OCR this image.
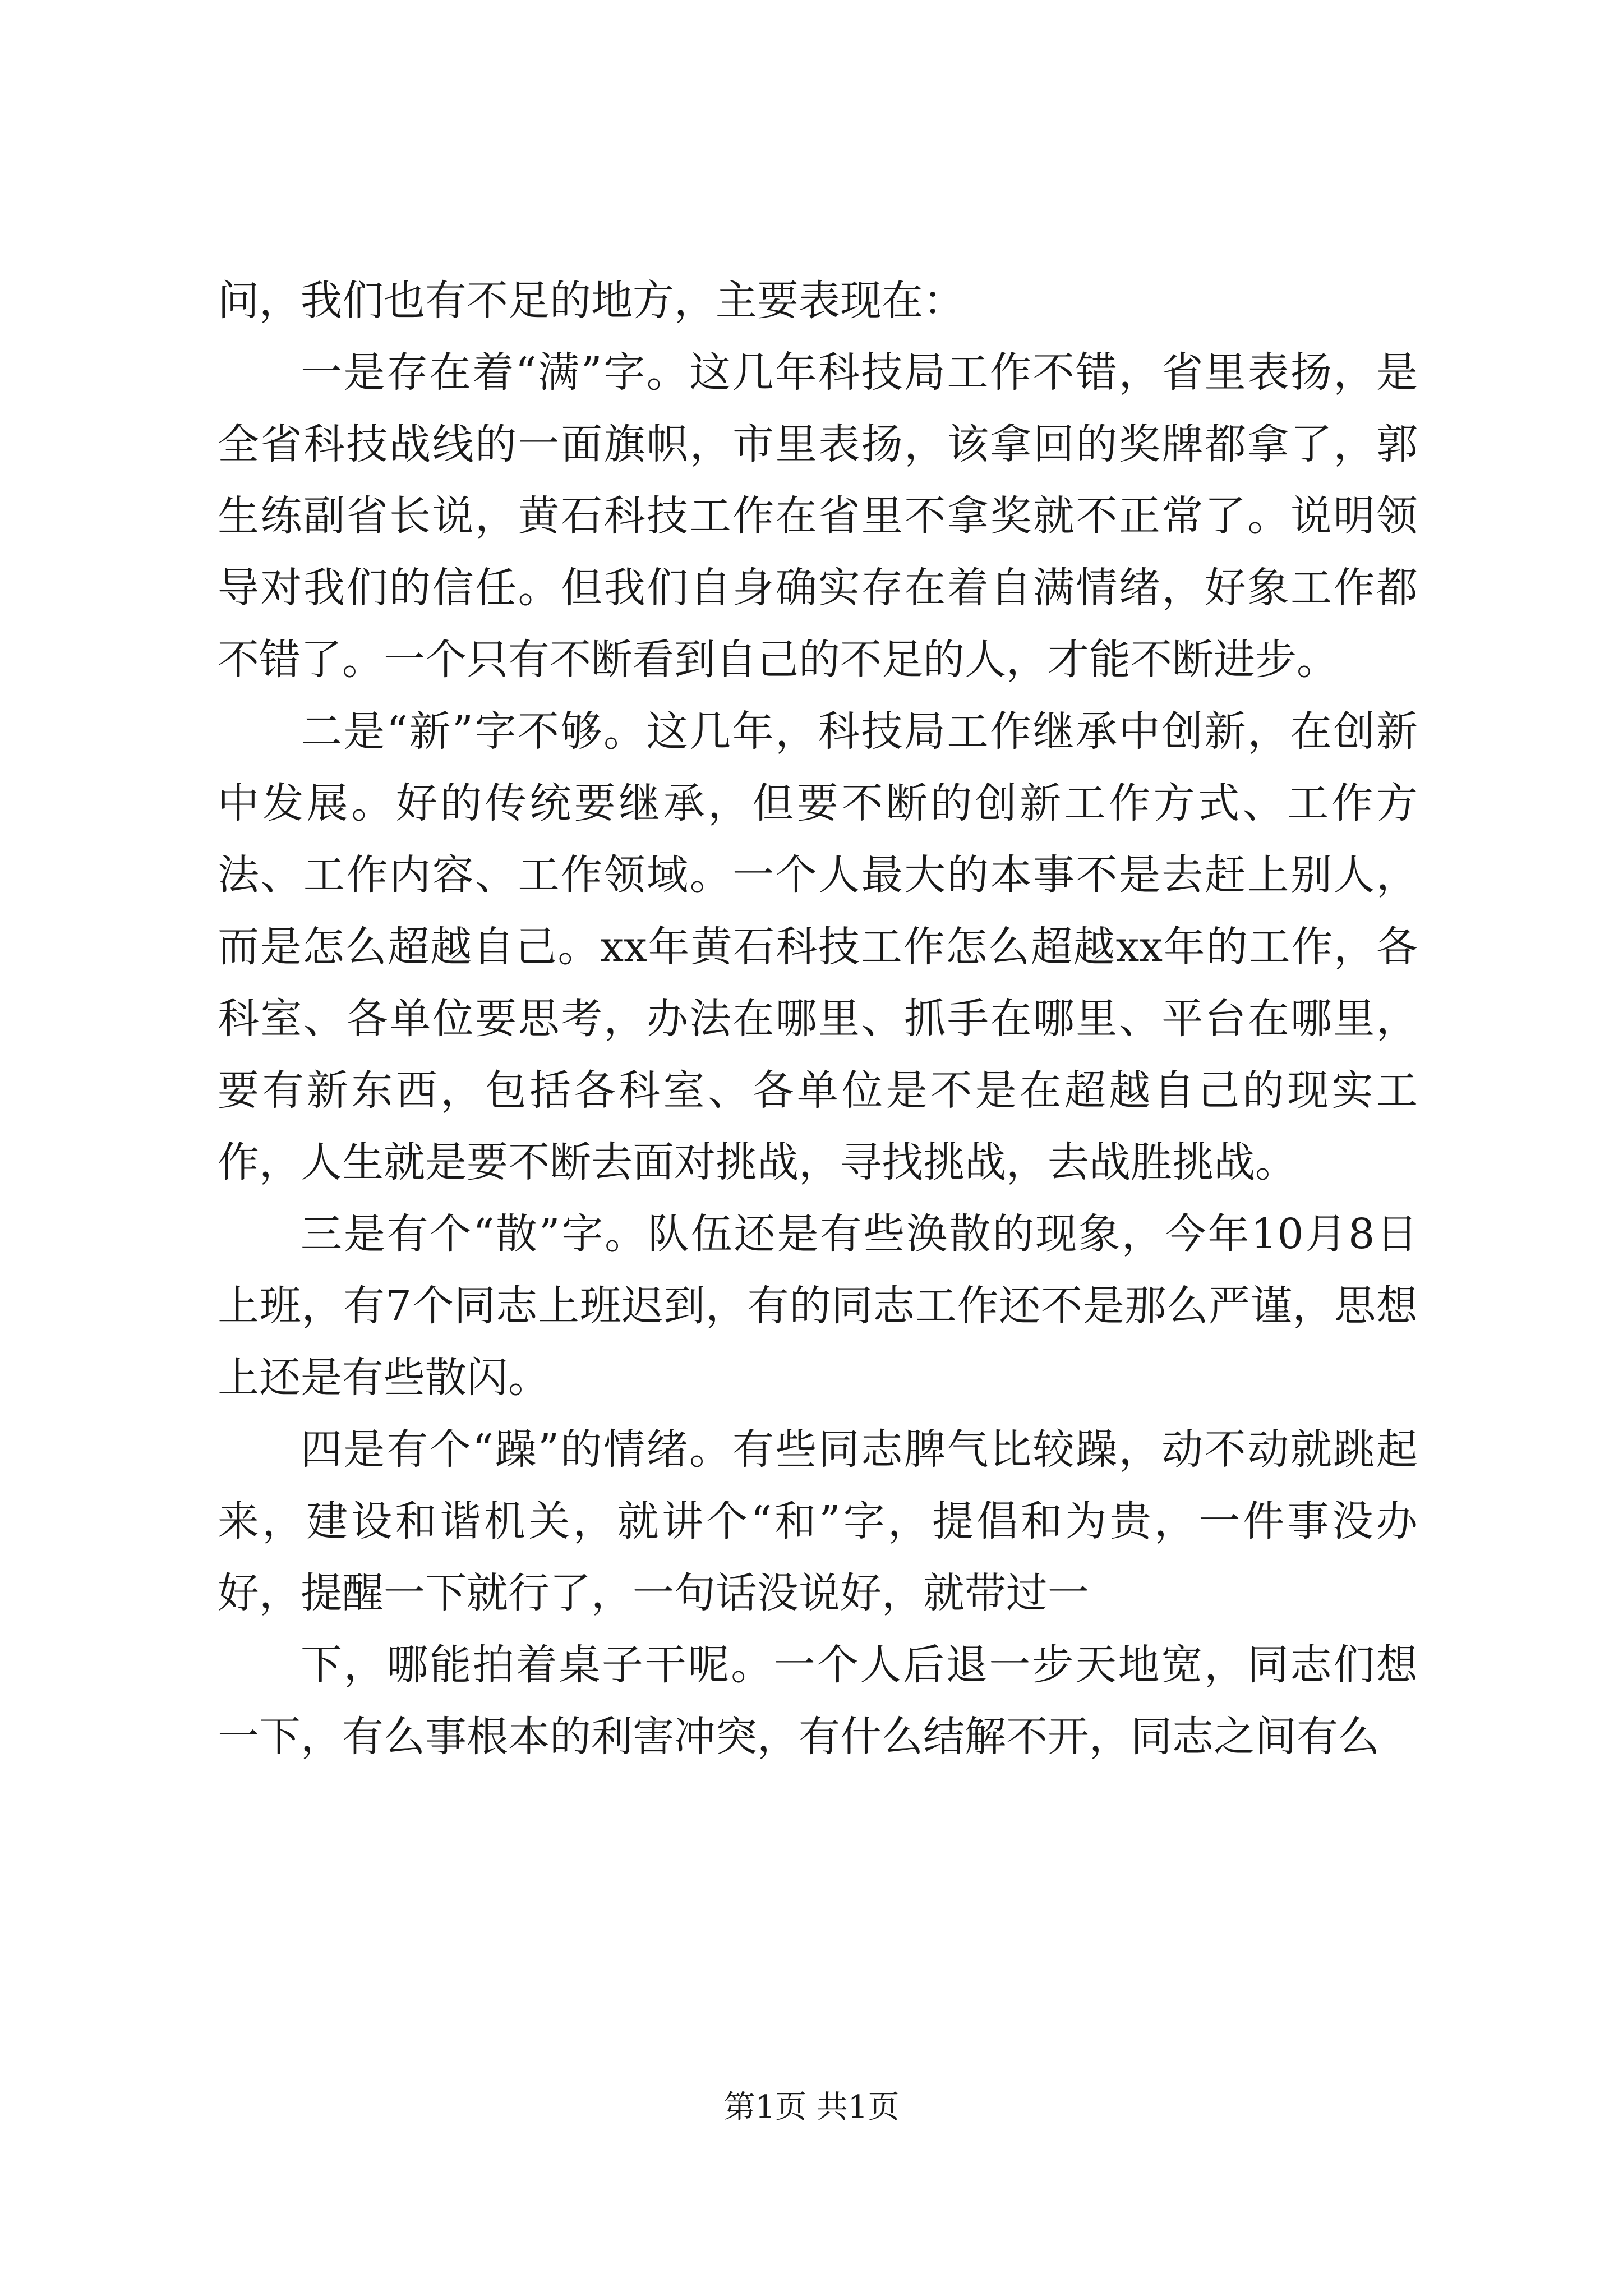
问，我们也有不足的地方，主要表现在：

一是存在着“满”字。这几年科技局工作不错，省里表扬，是全省科技战线的一面旗帜，市里表扬，该拿回的奖牌都拿了，郭生练副省长说，黄石科技工作在省里不拿奖就不正常了。说明领导对我们的信任。但我们自身确实存在着自满情绪，好象工作都不错了。一个只有不断看到自己的不足的人，才能不断进步。

二是“新”字不够。这几年，科技局工作继承中创新，在创新中发展。好的传统要继承，但要不断的创新工作方式、工作方法、工作内容、工作领域。一个人最大的本事不是去赶上别人，而是怎么超越自己。xx年黄石科技工作怎么超越xx年的工作，各科室、各单位要思考，办法在哪里、抓手在哪里、平台在哪里，要有新东西，包括各科室、各单位是不是在超越自己的现实工作，人生就是要不断去面对挑战，寻找挑战，去战胜挑战。

三是有个“散”字。队伍还是有些涣散的现象，今年10月8日上班，有7个同志上班迟到，有的同志工作还不是那么严谨，思想上还是有些散闪。

四是有个“躁”的情绪。有些同志脾气比较躁，动不动就跳起来，建设和谐机关，就讲个“和”字，提倡和为贵，一件事没办好，提醒一下就行了，一句话没说好，就带过一

下，哪能拍着桌子干呢。一个人后退一步天地宽，同志们想一下，有么事根本的利害冲突，有什么结解不开，同志之间有么

第1页 共1页
